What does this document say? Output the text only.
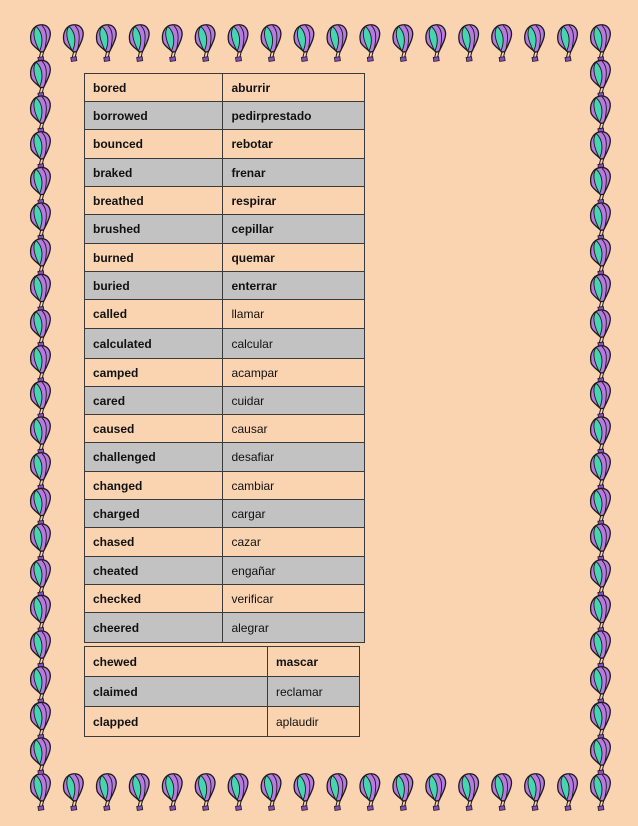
bored	aburrir
borrowed	pedirprestado
bounced	rebotar
braked	frenar
breathed	respirar
brushed	cepillar
burned	quemar
buried	enterrar
called	llamar
calculated	calcular
camped	acampar
cared	cuidar
caused	causar
challenged	desafiar
changed	cambiar
charged	cargar
chased	cazar
cheated	engañar
checked	verificar
cheered	alegrar
chewed	mascar
claimed	reclamar
clapped	aplaudir
